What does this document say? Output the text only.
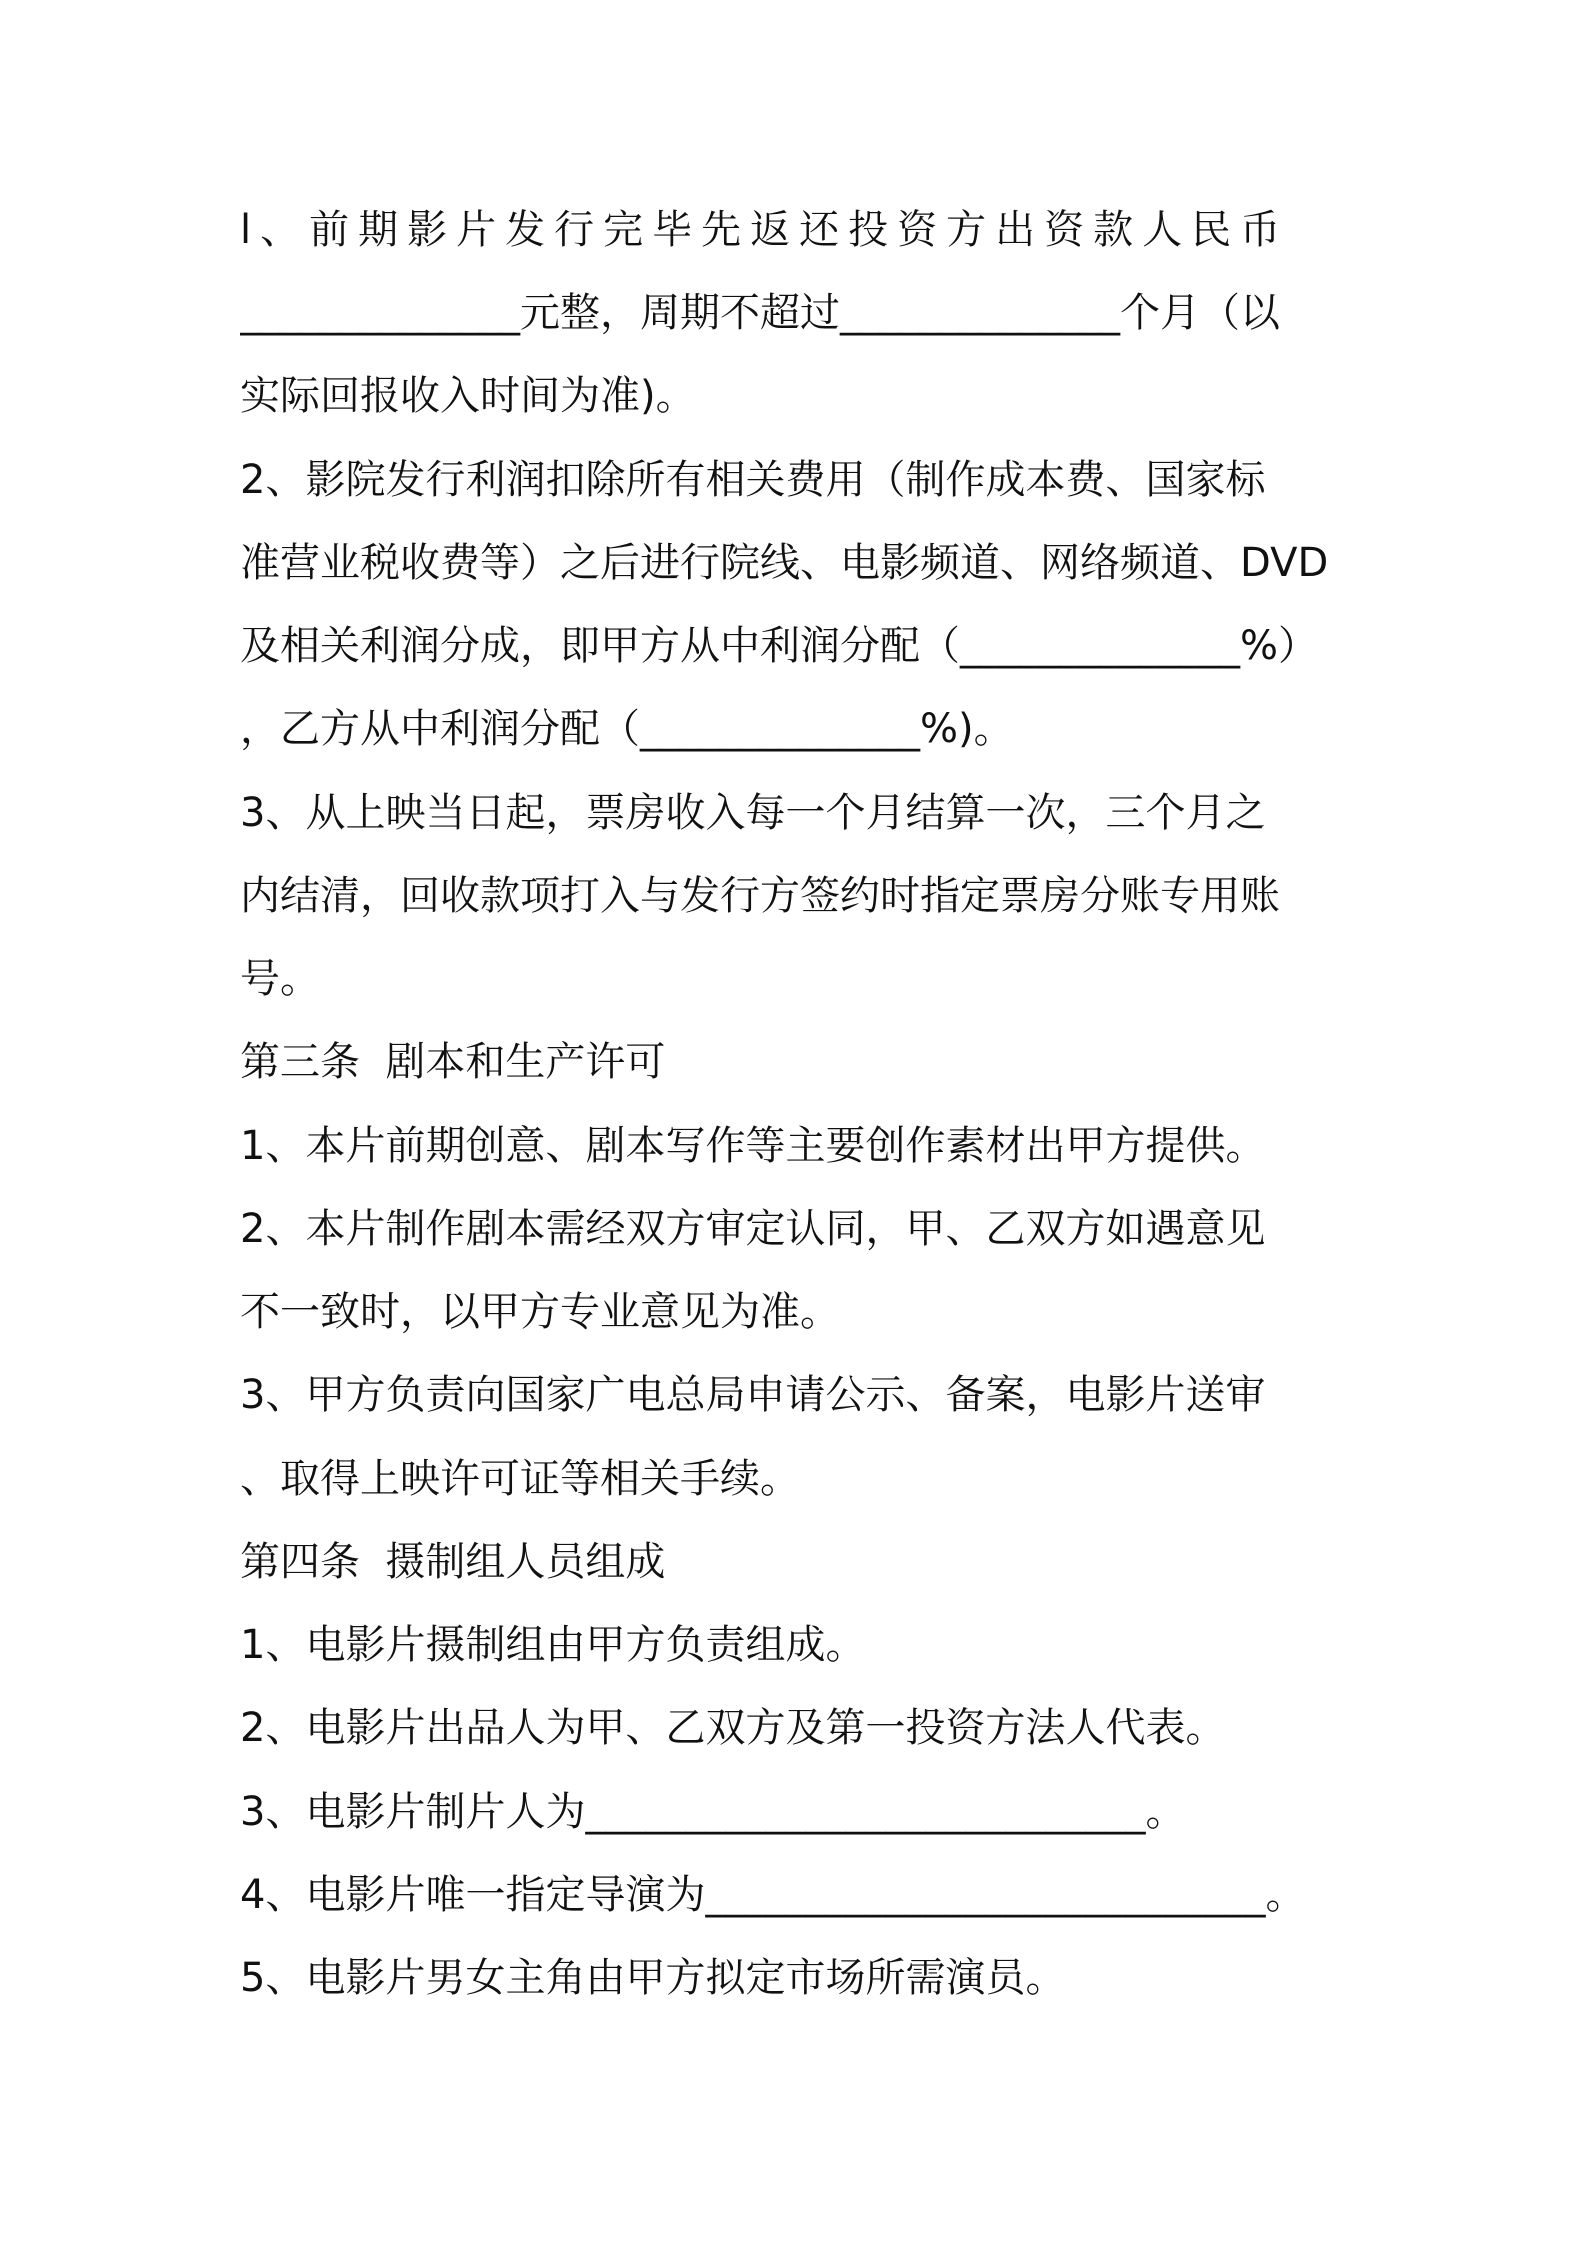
l、前期影片发行完毕先返还投资方出资款人民币
______________元整，周期不超过______________个月（以
实际回报收入时间为准)。
2、影院发行利润扣除所有相关费用（制作成本费、国家标
准营业税收费等）之后进行院线、电影频道、网络频道、DVD
及相关利润分成，即甲方从中利润分配（______________%）
，乙方从中利润分配（______________%)。
3、从上映当日起，票房收入每一个月结算一次，三个月之
内结清，回收款项打入与发行方签约时指定票房分账专用账
号。
第三条  剧本和生产许可
1、本片前期创意、剧本写作等主要创作素材出甲方提供。
2、本片制作剧本需经双方审定认同，甲、乙双方如遇意见
不一致时，以甲方专业意见为准。
3、甲方负责向国家广电总局申请公示、备案，电影片送审
、取得上映许可证等相关手续。
第四条  摄制组人员组成
1、电影片摄制组由甲方负责组成。
2、电影片出品人为甲、乙双方及第一投资方法人代表。
3、电影片制片人为____________________________。
4、电影片唯一指定导演为____________________________。
5、电影片男女主角由甲方拟定市场所需演员。
